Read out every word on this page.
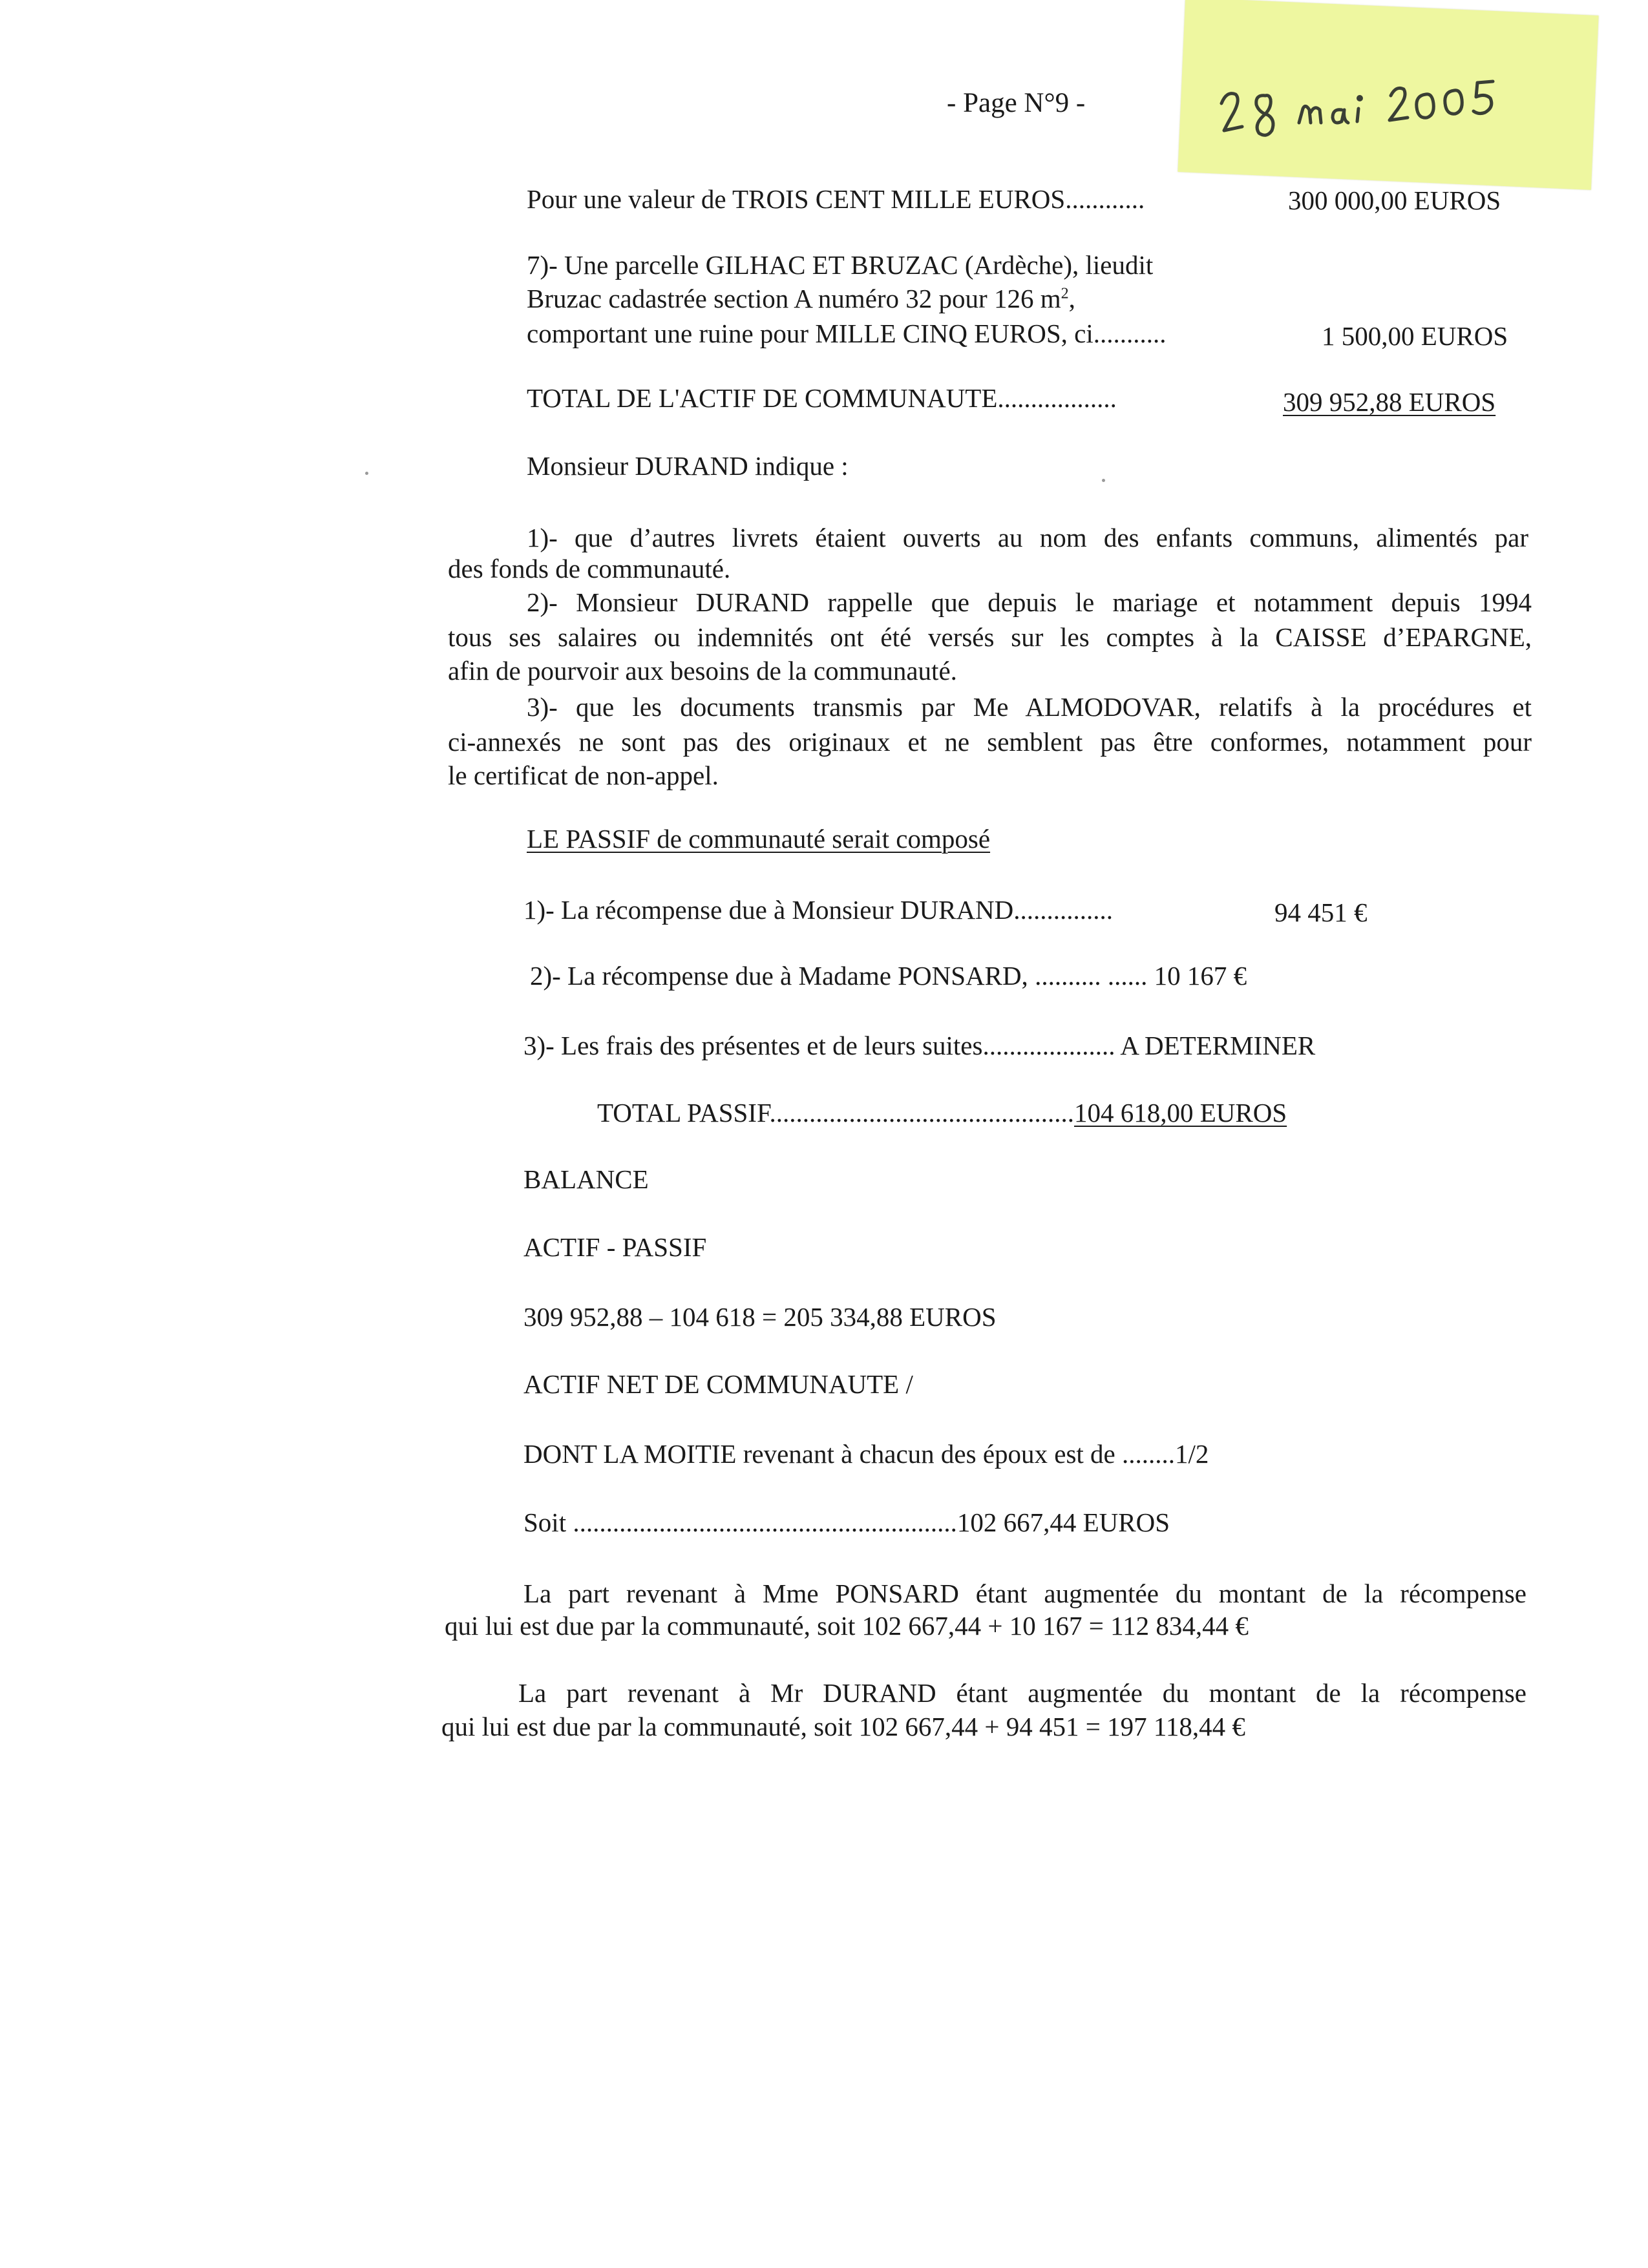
- Page N°9 -
Pour une valeur de TROIS CENT MILLE EUROS............	300 000,00 EUROS
7)- Une parcelle GILHAC ET BRUZAC (Ardèche), lieudit
Bruzac cadastrée section A numéro 32 pour 126 $m^2$,
comportant une ruine pour MILLE CINQ EUROS, ci...........	1 500,00 EUROS
TOTAL DE L'ACTIF DE COMMUNAUTE..................	309 952,88 EUROS
Monsieur DURAND indique :
1)- que d’autres livrets étaient ouverts au nom des enfants communs, alimentés par
des fonds de communauté.
2)- Monsieur DURAND rappelle que depuis le mariage et notamment depuis 1994
tous ses salaires ou indemnités ont été versés sur les comptes à la CAISSE d’EPARGNE,
afin de pourvoir aux besoins de la communauté.
3)- que les documents transmis par Me ALMODOVAR, relatifs à la procédures et
ci-annexés ne sont pas des originaux et ne semblent pas être conformes, notamment pour
le certificat de non-appel.
LE PASSIF de communauté serait composé
1)- La récompense due à Monsieur DURAND...............	94 451 €
2)- La récompense due à Madame PONSARD, .......... ...... 10 167 €
3)- Les frais des présentes et de leurs suites.................... A DETERMINER
TOTAL PASSIF..............................................104 618,00 EUROS
BALANCE
ACTIF - PASSIF
309 952,88 – 104 618 = 205 334,88 EUROS
ACTIF NET DE COMMUNAUTE /
DONT LA MOITIE revenant à chacun des époux est de ........1/2
Soit ..........................................................102 667,44 EUROS
La part revenant à Mme PONSARD étant augmentée du montant de la récompense
qui lui est due par la communauté, soit 102 667,44 + 10 167 = 112 834,44 €
La part revenant à Mr DURAND étant augmentée du montant de la récompense
qui lui est due par la communauté, soit 102 667,44 + 94 451 = 197 118,44 €
